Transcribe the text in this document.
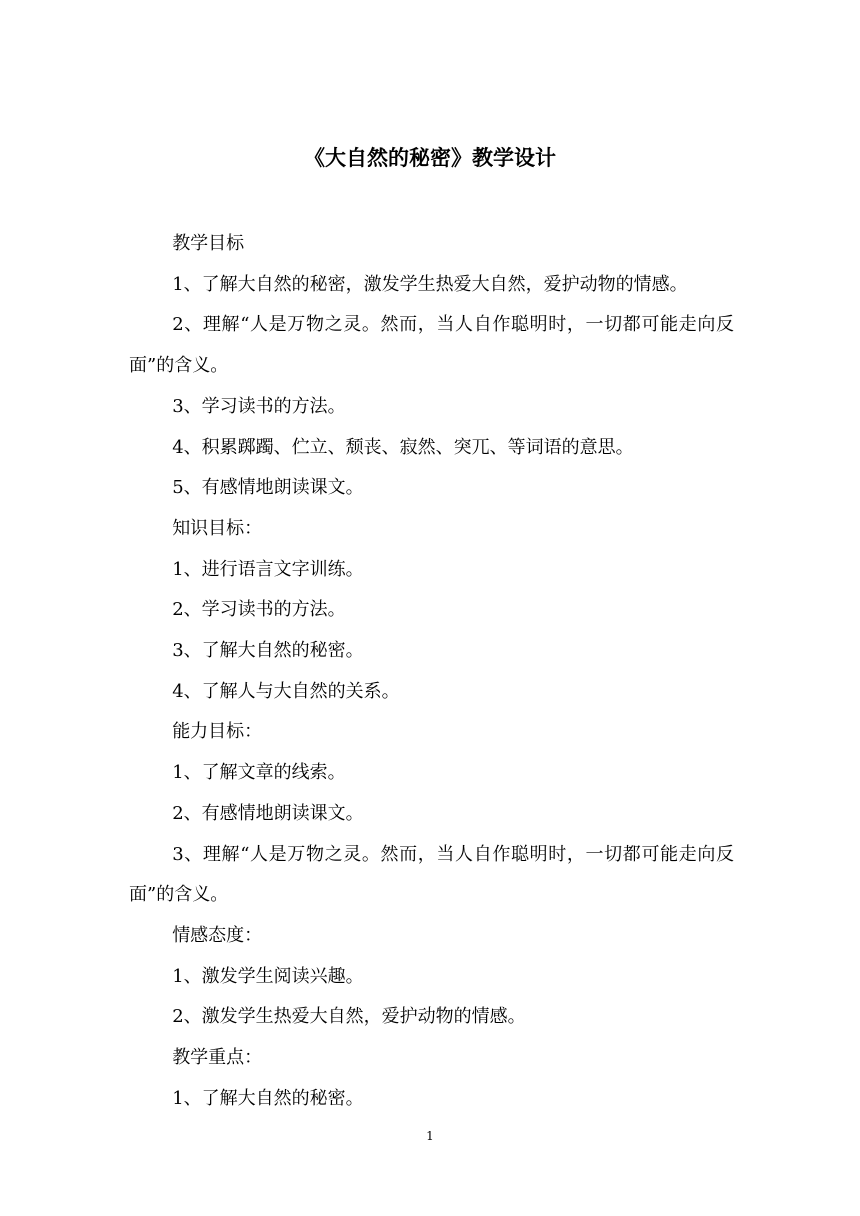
《大自然的秘密》教学设计

教学目标

1、了解大自然的秘密，激发学生热爱大自然，爱护动物的情感。

2、理解“人是万物之灵。然而，当人自作聪明时，一切都可能走向反面”的含义。

3、学习读书的方法。

4、积累踯躅、伫立、颓丧、寂然、突兀、等词语的意思。

5、有感情地朗读课文。

知识目标：

1、进行语言文字训练。

2、学习读书的方法。

3、了解大自然的秘密。

4、了解人与大自然的关系。

能力目标：

1、了解文章的线索。

2、有感情地朗读课文。

3、理解“人是万物之灵。然而，当人自作聪明时，一切都可能走向反面”的含义。

情感态度：

1、激发学生阅读兴趣。

2、激发学生热爱大自然，爱护动物的情感。

教学重点：

1、了解大自然的秘密。

1
